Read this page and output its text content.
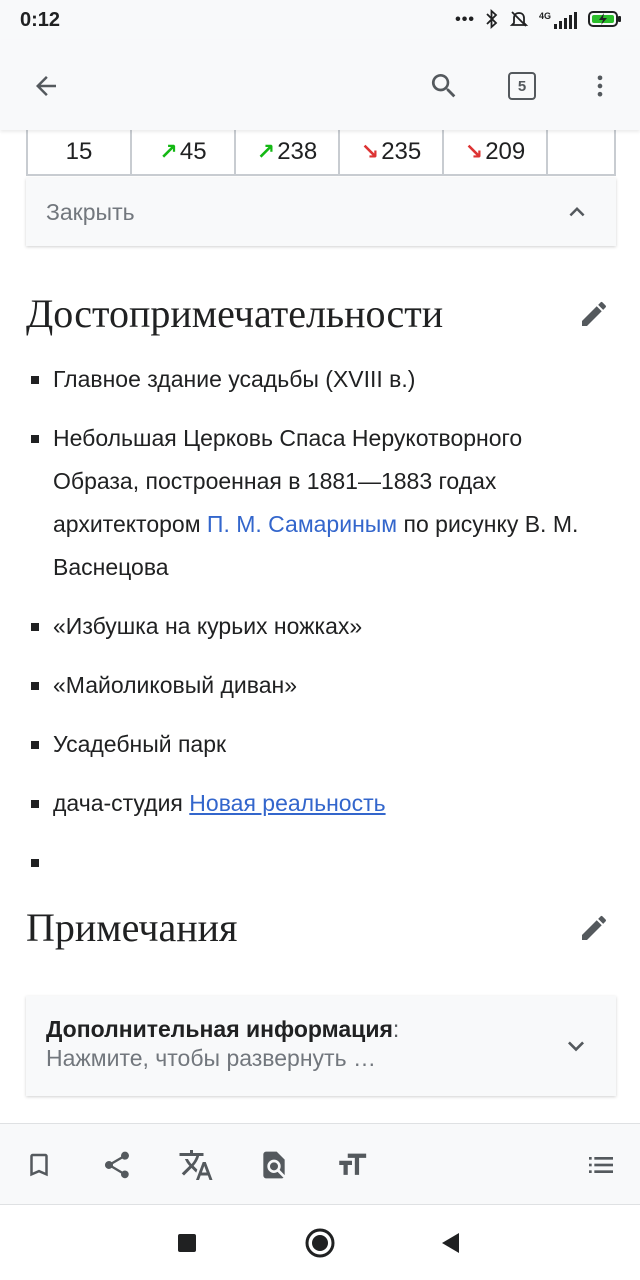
0:12	•••	4G
5
15	↗ 45 ↗ 238 ↘ 235 ↘ 209
Закрыть
Достопримечательности
Главное здание усадьбы (XVIII в.)
Небольшая Церковь Спаса Нерукотворного Образа, построенная в 1881—1883 годах архитектором П. М. Самариным по рисунку В. М. Васнецова
«Избушка на курьих ножках»
«Майоликовый диван»
Усадебный парк
дача-студия Новая реальность

Примечания
Дополнительная информация:
Нажмите, чтобы развернуть …
